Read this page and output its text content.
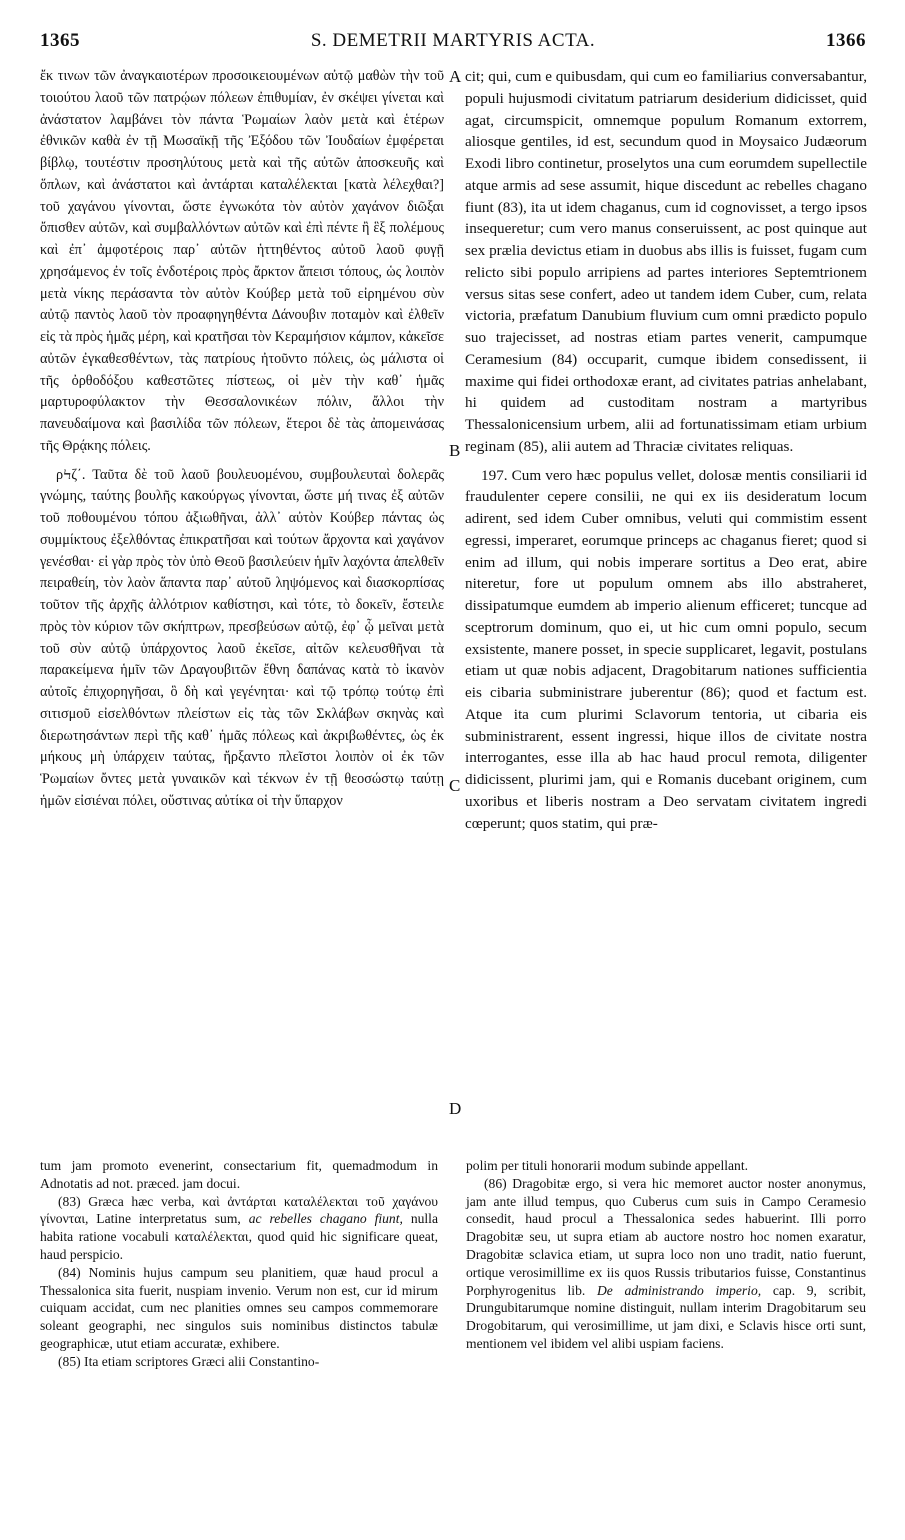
1365	S. DEMETRII MARTYRIS ACTA.	1366

ἔκ τινων τῶν ἀναγκαιοτέρων προσοικειουμένων αὐτῷ μαθὼν τὴν τοῦ τοιούτου λαοῦ τῶν πατρῴων πόλεων ἐπιθυμίαν, ἐν σκέψει γίνεται καὶ ἀνάστατον λαμβάνει τὸν πάντα Ῥωμαίων λαὸν μετὰ καὶ ἑτέρων ἐθνικῶν καθὰ ἐν τῇ Μωσαϊκῇ τῆς Ἐξόδου τῶν Ἰουδαίων ἐμφέρεται βίβλῳ, τουτέστιν προσηλύτους μετὰ καὶ τῆς αὐτῶν ἀποσκευῆς καὶ ὅπλων, καὶ ἀνάστατοι καὶ ἀντάρται καταλέλεκται [κατὰ λέλεχθαι?] τοῦ χαγάνου γίνονται, ὥστε ἐγνωκότα τὸν αὐτὸν χαγάνον διῶξαι ὄπισθεν αὐτῶν, καὶ συμβαλλόντων αὐτῶν καὶ ἐπὶ πέντε ἢ ἓξ πολέμους καὶ ἐπ᾽ ἀμφοτέροις παρ᾽ αὐτῶν ἡττηθέντος αὐτοῦ λαοῦ φυγῇ χρησάμενος ἐν τοῖς ἐνδοτέροις πρὸς ἄρκτον ἄπεισι τόπους, ὡς λοιπὸν μετὰ νίκης περάσαντα τὸν αὐτὸν Κούβερ μετὰ τοῦ εἰρημένου σὺν αὐτῷ παντὸς λαοῦ τὸν προαφηγηθέντα Δάνουβιν ποταμὸν καὶ ἐλθεῖν εἰς τὰ πρὸς ἡμᾶς μέρη, καὶ κρατῆσαι τὸν Κεραμήσιον κάμπον, κἀκεῖσε αὐτῶν ἐγκαθεσθέντων, τὰς πατρίους ἠτοῦντο πόλεις, ὡς μάλιστα οἱ τῆς ὀρθοδόξου καθεστῶτες πίστεως, οἱ μὲν τὴν καθ᾽ ἡμᾶς μαρτυροφύλακτον τὴν Θεσσαλονικέων πόλιν, ἄλλοι τὴν πανευδαίμονα καὶ βασιλίδα τῶν πόλεων, ἕτεροι δὲ τὰς ἀπομεινάσας τῆς Θρᾴκης πόλεις.

ρϞζ΄. Ταῦτα δὲ τοῦ λαοῦ βουλευομένου, συμβουλευταὶ δολερᾶς γνώμης, ταύτης βουλῆς κακούργως γίνονται, ὥστε μή τινας ἐξ αὐτῶν τοῦ ποθουμένου τόπου ἀξιωθῆναι, ἀλλ᾽ αὐτὸν Κούβερ πάντας ὡς συμμίκτους ἐξελθόντας ἐπικρατῆσαι καὶ τούτων ἄρχοντα καὶ χαγάνον γενέσθαι· εἰ γὰρ πρὸς τὸν ὑπὸ Θεοῦ βασιλεύειν ἡμῖν λαχόντα ἀπελθεῖν πειραθείη, τὸν λαὸν ἅπαντα παρ᾽ αὐτοῦ ληψόμενος καὶ διασκορπίσας τοῦτον τῆς ἀρχῆς ἀλλότριον καθίστησι, καὶ τότε, τὸ δοκεῖν, ἔστειλε πρὸς τὸν κύριον τῶν σκήπτρων, πρεσβεύσων αὐτῷ, ἐφ᾽ ᾧ μεῖναι μετὰ τοῦ σὺν αὐτῷ ὑπάρχοντος λαοῦ ἐκεῖσε, αἰτῶν κελευσθῆναι τὰ παρακείμενα ἡμῖν τῶν Δραγουβιτῶν ἔθνη δαπάνας κατὰ τὸ ἱκανὸν αὐτοῖς ἐπιχορηγῆσαι, ὃ δὴ καὶ γεγένηται· καὶ τῷ τρόπῳ τούτῳ ἐπὶ σιτισμοῦ εἰσελθόντων πλείστων εἰς τὰς τῶν Σκλάβων σκηνὰς καὶ διερωτησάντων περὶ τῆς καθ᾽ ἡμᾶς πόλεως καὶ ἀκριβωθέντες, ὡς ἐκ μήκους μὴ ὑπάρχειν ταύτας, ἤρξαντο πλεῖστοι λοιπὸν οἱ ἐκ τῶν Ῥωμαίων ὄντες μετὰ γυναικῶν καὶ τέκνων ἐν τῇ θεοσώστῳ ταύτῃ ἡμῶν εἰσιέναι πόλει, οὕστινας αὐτίκα οἱ τὴν ὕπαρχον

A
B
C
D

cit; qui, cum e quibusdam, qui cum eo familiarius conversabantur, populi hujusmodi civitatum patriarum desiderium didicisset, quid agat, circumspicit, omnemque populum Romanum extorrem, aliosque gentiles, id est, secundum quod in Moysaico Judæorum Exodi libro continetur, proselytos una cum eorumdem supellectile atque armis ad sese assumit, hique discedunt ac rebelles chagano fiunt (83), ita ut idem chaganus, cum id cognovisset, a tergo ipsos insequeretur; cum vero manus conseruissent, ac post quinque aut sex prælia devictus etiam in duobus abs illis is fuisset, fugam cum relicto sibi populo arripiens ad partes interiores Septemtrionem versus sitas sese confert, adeo ut tandem idem Cuber, cum, relata victoria, præfatum Danubium fluvium cum omni prædicto populo suo trajecisset, ad nostras etiam partes venerit, campumque Ceramesium (84) occuparit, cumque ibidem consedissent, ii maxime qui fidei orthodoxæ erant, ad civitates patrias anhelabant, hi quidem ad custoditam nostram a martyribus Thessalonicensium urbem, alii ad fortunatissimam etiam urbium reginam (85), alii autem ad Thraciæ civitates reliquas.

197. Cum vero hæc populus vellet, dolosæ mentis consiliarii id fraudulenter cepere consilii, ne qui ex iis desideratum locum adirent, sed idem Cuber omnibus, veluti qui commistim essent egressi, imperaret, eorumque princeps ac chaganus fieret; quod si enim ad illum, qui nobis imperare sortitus a Deo erat, abire niteretur, fore ut populum omnem abs illo abstraheret, dissipatumque eumdem ab imperio alienum efficeret; tuncque ad sceptrorum dominum, quo ei, ut hic cum omni populo, secum exsistente, manere posset, in specie supplicaret, legavit, postulans etiam ut quæ nobis adjacent, Dragobitarum nationes sufficientia eis cibaria subministrare juberentur (86); quod et factum est. Atque ita cum plurimi Sclavorum tentoria, ut cibaria eis subministrarent, essent ingressi, hique illos de civitate nostra interrogantes, esse illa ab hac haud procul remota, diligenter didicissent, plurimi jam, qui e Romanis ducebant originem, cum uxoribus et liberis nostram a Deo servatam civitatem ingredi cœperunt; quos statim, qui præ-

tum jam promoto evenerint, consectarium fit, quemadmodum in Adnotatis ad not. præced. jam docui.

(83) Græca hæc verba, καὶ ἀντάρται καταλέλεκται τοῦ χαγάνου γίνονται, Latine interpretatus sum, ac rebelles chagano fiunt, nulla habita ratione vocabuli καταλέλεκται, quod quid hic significare queat, haud perspicio.

(84) Nominis hujus campum seu planitiem, quæ haud procul a Thessalonica sita fuerit, nuspiam invenio. Verum non est, cur id mirum cuiquam accidat, cum nec planities omnes seu campos commemorare soleant geographi, nec singulos suis nominibus distinctos tabulæ geographicæ, utut etiam accuratæ, exhibere.

(85) Ita etiam scriptores Græci alii Constantino-

polim per tituli honorarii modum subinde appellant.

(86) Dragobitæ ergo, si vera hic memoret auctor noster anonymus, jam ante illud tempus, quo Cuberus cum suis in Campo Ceramesio consedit, haud procul a Thessalonica sedes habuerint. Illi porro Dragobitæ seu, ut supra etiam ab auctore nostro hoc nomen exaratur, Dragobitæ sclavica etiam, ut supra loco non uno tradit, natio fuerunt, ortique verosimillime ex iis quos Russis tributarios fuisse, Constantinus Porphyrogenitus lib. De administrando imperio, cap. 9, scribit, Drungubitarumque nomine distinguit, nullam interim Dragobitarum seu Drogobitarum, qui verosimillime, ut jam dixi, e Sclavis hisce orti sunt, mentionem vel ibidem vel alibi uspiam faciens.
